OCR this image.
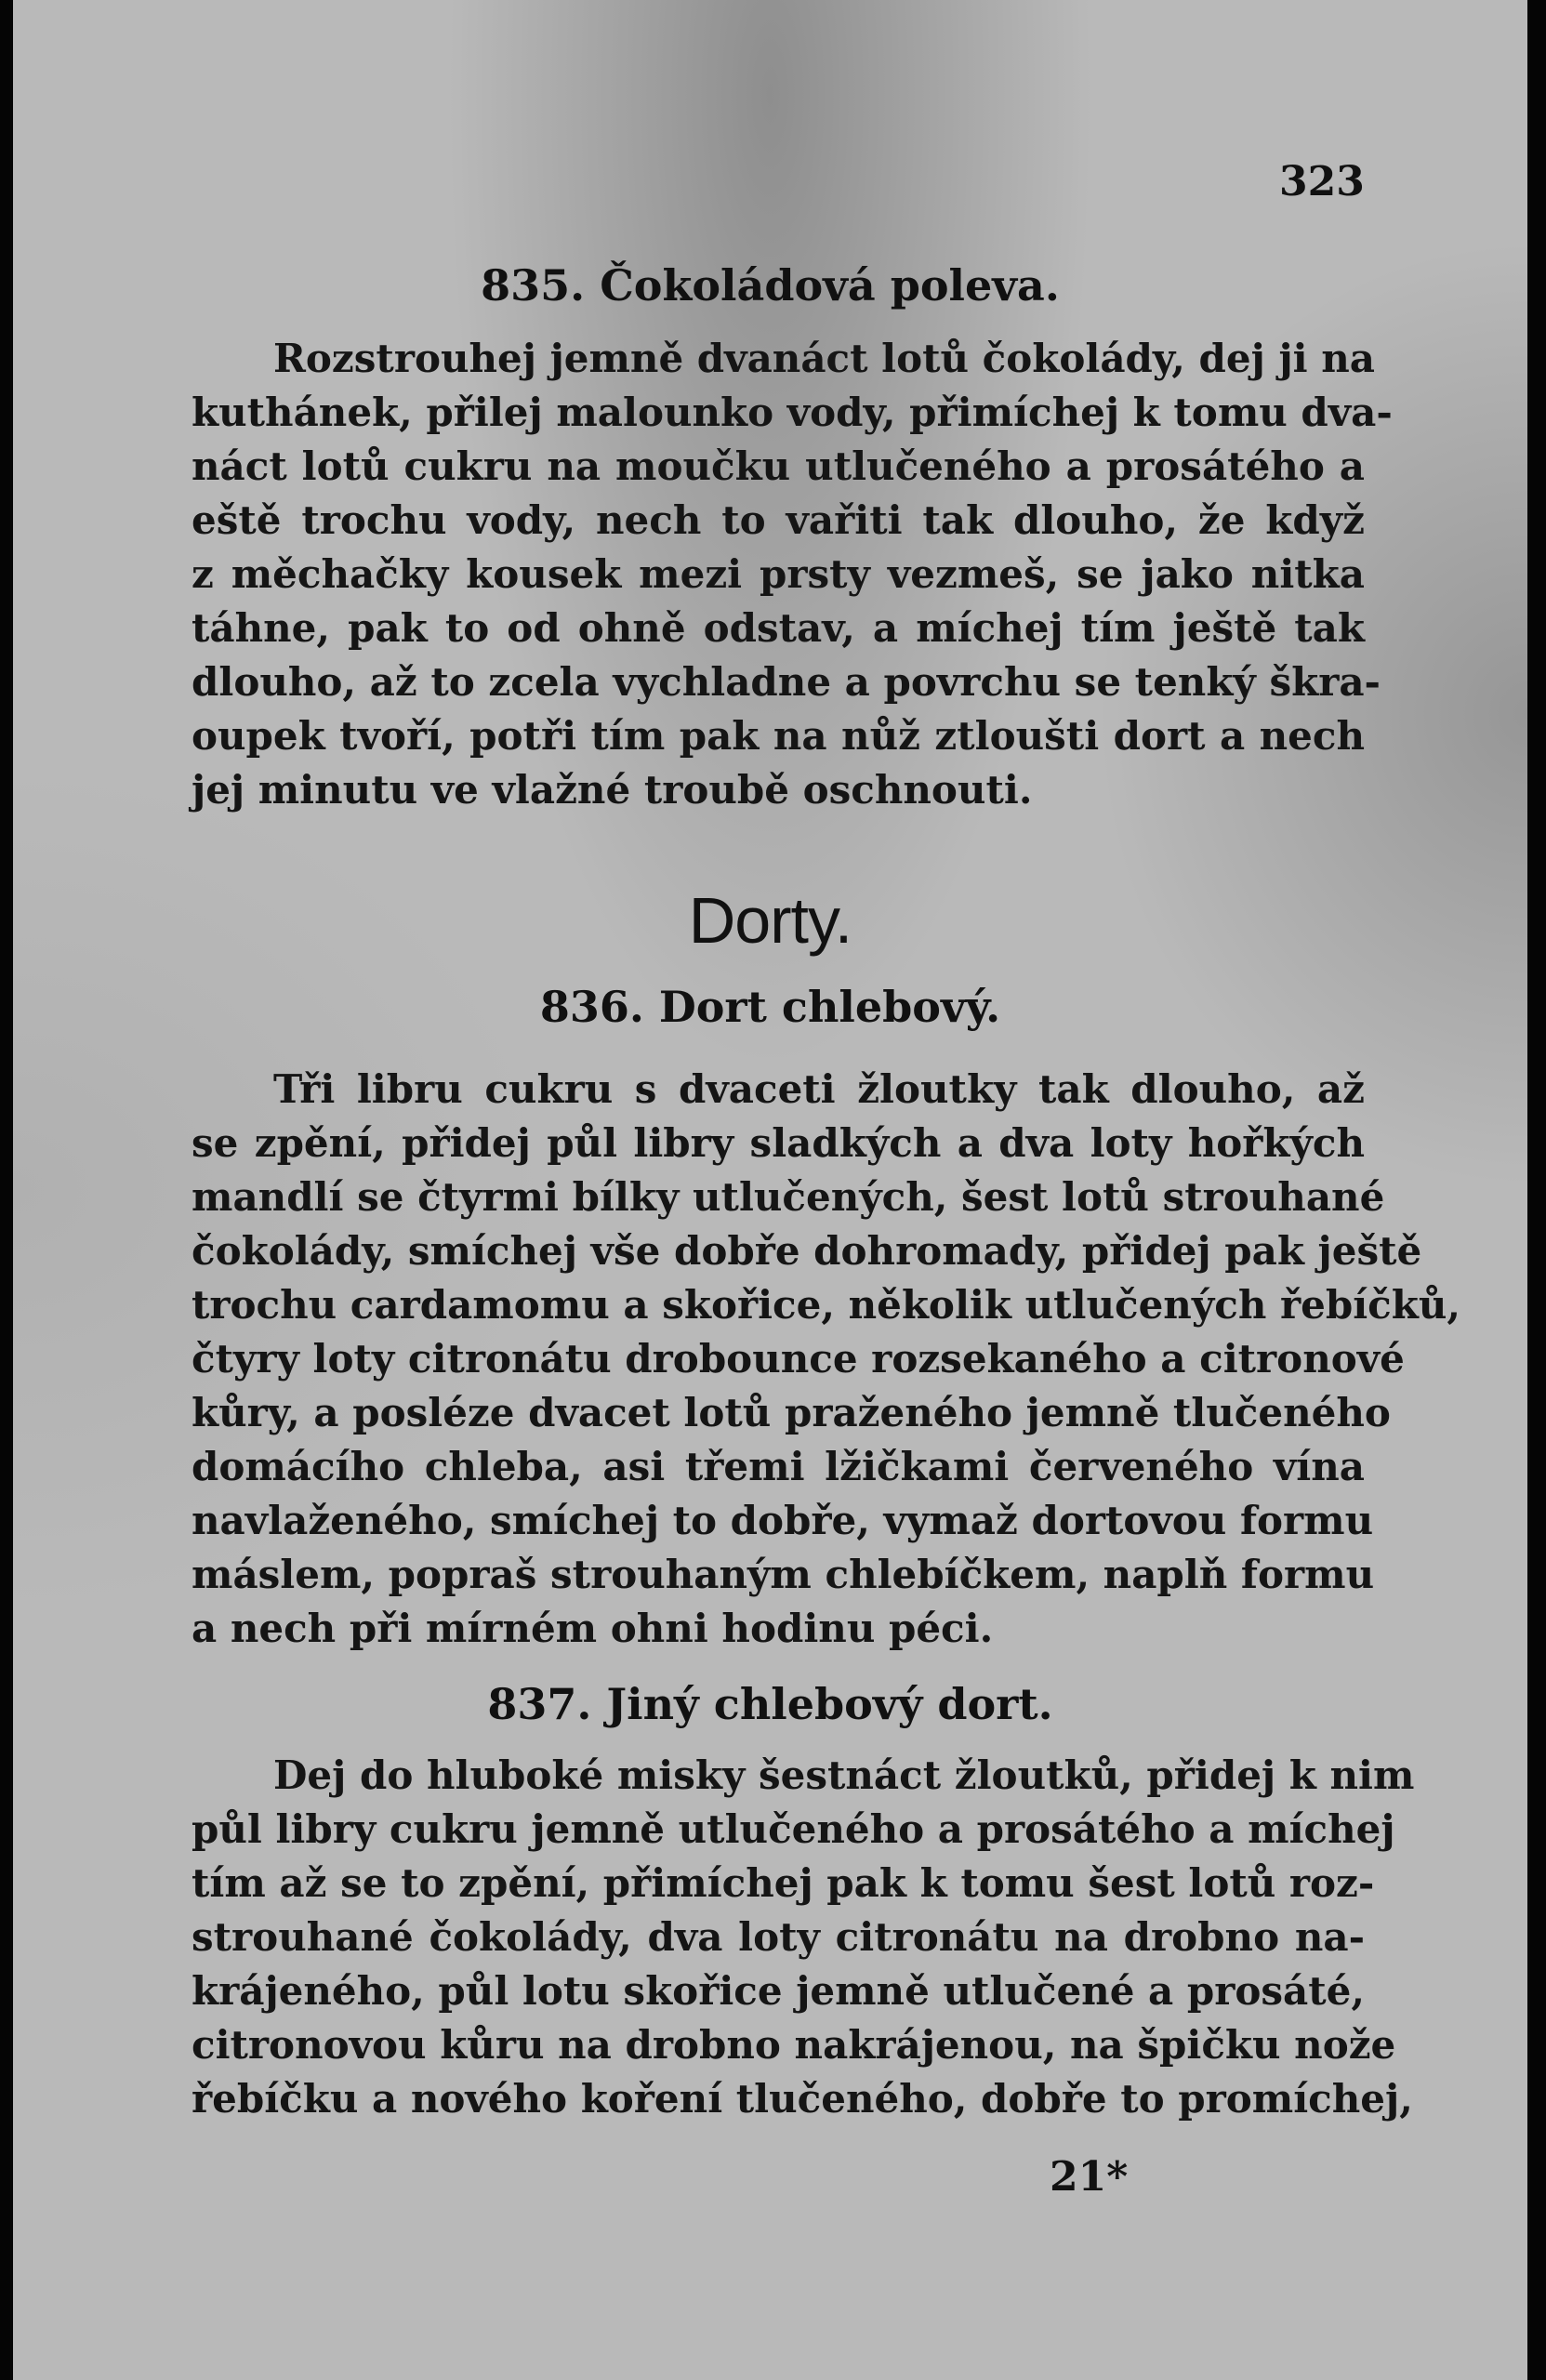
323
835. Čokoládová poleva.
Rozstrouhej jemně dvanáct lotů čokolády, dej ji na
kuthánek, přilej malounko vody, přimíchej k tomu dva-
náct lotů cukru na moučku utlučeného a prosátého a
eště trochu vody, nech to vařiti tak dlouho, že když
z měchačky kousek mezi prsty vezmeš, se jako nitka
táhne, pak to od ohně odstav, a míchej tím ještě tak
dlouho, až to zcela vychladne a povrchu se tenký škra-
oupek tvoří, potři tím pak na nůž ztloušti dort a nech
jej minutu ve vlažné troubě oschnouti.
Dorty.
836. Dort chlebový.
Tři libru cukru s dvaceti žloutky tak dlouho, až
se zpění, přidej půl libry sladkých a dva loty hořkých
mandlí se čtyrmi bílky utlučených, šest lotů strouhané
čokolády, smíchej vše dobře dohromady, přidej pak ještě
trochu cardamomu a skořice, několik utlučených řebíčků,
čtyry loty citronátu drobounce rozsekaného a citronové
kůry, a posléze dvacet lotů praženého jemně tlučeného
domácího chleba, asi třemi lžičkami červeného vína
navlaženého, smíchej to dobře, vymaž dortovou formu
máslem, popraš strouhaným chlebíčkem, naplň formu
a nech při mírném ohni hodinu péci.
837. Jiný chlebový dort.
Dej do hluboké misky šestnáct žloutků, přidej k nim
půl libry cukru jemně utlučeného a prosátého a míchej
tím až se to zpění, přimíchej pak k tomu šest lotů roz-
strouhané čokolády, dva loty citronátu na drobno na-
krájeného, půl lotu skořice jemně utlučené a prosáté,
citronovou kůru na drobno nakrájenou, na špičku nože
řebíčku a nového koření tlučeného, dobře to promíchej,
21*
